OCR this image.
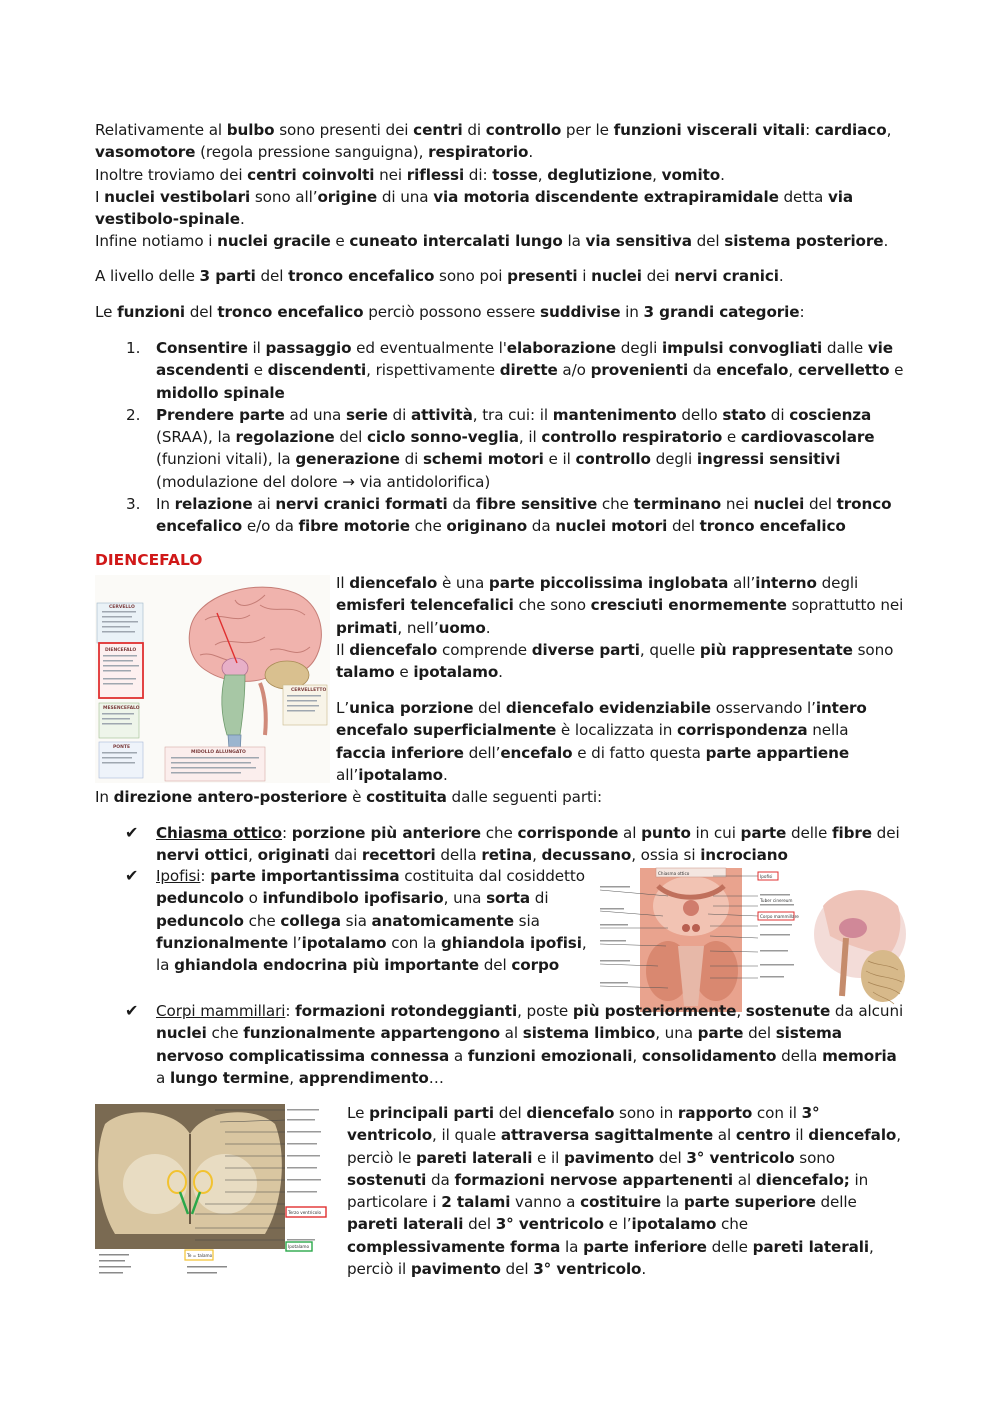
Relativamente al bulbo sono presenti dei centri di controllo per le funzioni viscerali vitali: cardiaco, vasomotore (regola pressione sanguigna), respiratorio.
Inoltre troviamo dei centri coinvolti nei riflessi di: tosse, deglutizione, vomito.
I nuclei vestibolari sono all’origine di una via motoria discendente extrapiramidale detta via vestibolo-spinale.
Infine notiamo i nuclei gracile e cuneato intercalati lungo la via sensitiva del sistema posteriore.
A livello delle 3 parti del tronco encefalico sono poi presenti i nuclei dei nervi cranici.
Le funzioni del tronco encefalico perciò possono essere suddivise in 3 grandi categorie:
1. Consentire il passaggio ed eventualmente l'elaborazione degli impulsi convogliati dalle vie ascendenti e discendenti, rispettivamente dirette a/o provenienti da encefalo, cervelletto e midollo spinale
2. Prendere parte ad una serie di attività, tra cui: il mantenimento dello stato di coscienza (SRAA), la regolazione del ciclo sonno-veglia, il controllo respiratorio e cardiovascolare (funzioni vitali), la generazione di schemi motori e il controllo degli ingressi sensitivi (modulazione del dolore → via antidolorifica)
3. In relazione ai nervi cranici formati da fibre sensitive che terminano nei nuclei del tronco encefalico e/o da fibre motorie che originano da nuclei motori del tronco encefalico
DIENCEFALO
CERVELLO
DIENCEFALO
MESENCEFALO
PONTE
CERVELLETTO
MIDOLLO ALLUNGATO
Il diencefalo è una parte piccolissima inglobata all’interno degli emisferi telencefalici che sono cresciuti enormemente soprattutto nei primati, nell’uomo.
Il diencefalo comprende diverse parti, quelle più rappresentate sono talamo e ipotalamo.
L’unica porzione del diencefalo evidenziabile osservando l’intero encefalo superficialmente è localizzata in corrispondenza nella faccia inferiore dell’encefalo e di fatto questa parte appartiene all’ipotalamo.
In direzione antero-posteriore è costituita dalle seguenti parti:
✔ Chiasma ottico: porzione più anteriore che corrisponde al punto in cui parte delle fibre dei nervi ottici, originati dai recettori della retina, decussano, ossia si incrociano
✔ Ipofisi: parte importantissima costituita dal cosiddetto peduncolo o infundibolo ipofisario, una sorta di peduncolo che collega sia anatomicamente sia funzionalmente l’ipotalamo con la ghiandola ipofisi, la ghiandola endocrina più importante del corpo
Chiasma ottico
Ipofisi
Tuber cinereum
Corpo mammillare
✔ Corpi mammillari: formazioni rotondeggianti, poste più posteriormente, sostenute da alcuni nuclei che funzionalmente appartengono al sistema limbico, una parte del sistema nervoso complicatissima connessa a funzioni emozionali, consolidamento della memoria a lungo termine, apprendimento…
Terzo ventricolo
Ipotalamo
Te = talamo
Le principali parti del diencefalo sono in rapporto con il 3° ventricolo, il quale attraversa sagittalmente al centro il diencefalo, perciò le pareti laterali e il pavimento del 3° ventricolo sono sostenuti da formazioni nervose appartenenti al diencefalo; in particolare i 2 talami vanno a costituire la parte superiore delle pareti laterali del 3° ventricolo e l’ipotalamo che complessivamente forma la parte inferiore delle pareti laterali, perciò il pavimento del 3° ventricolo.
